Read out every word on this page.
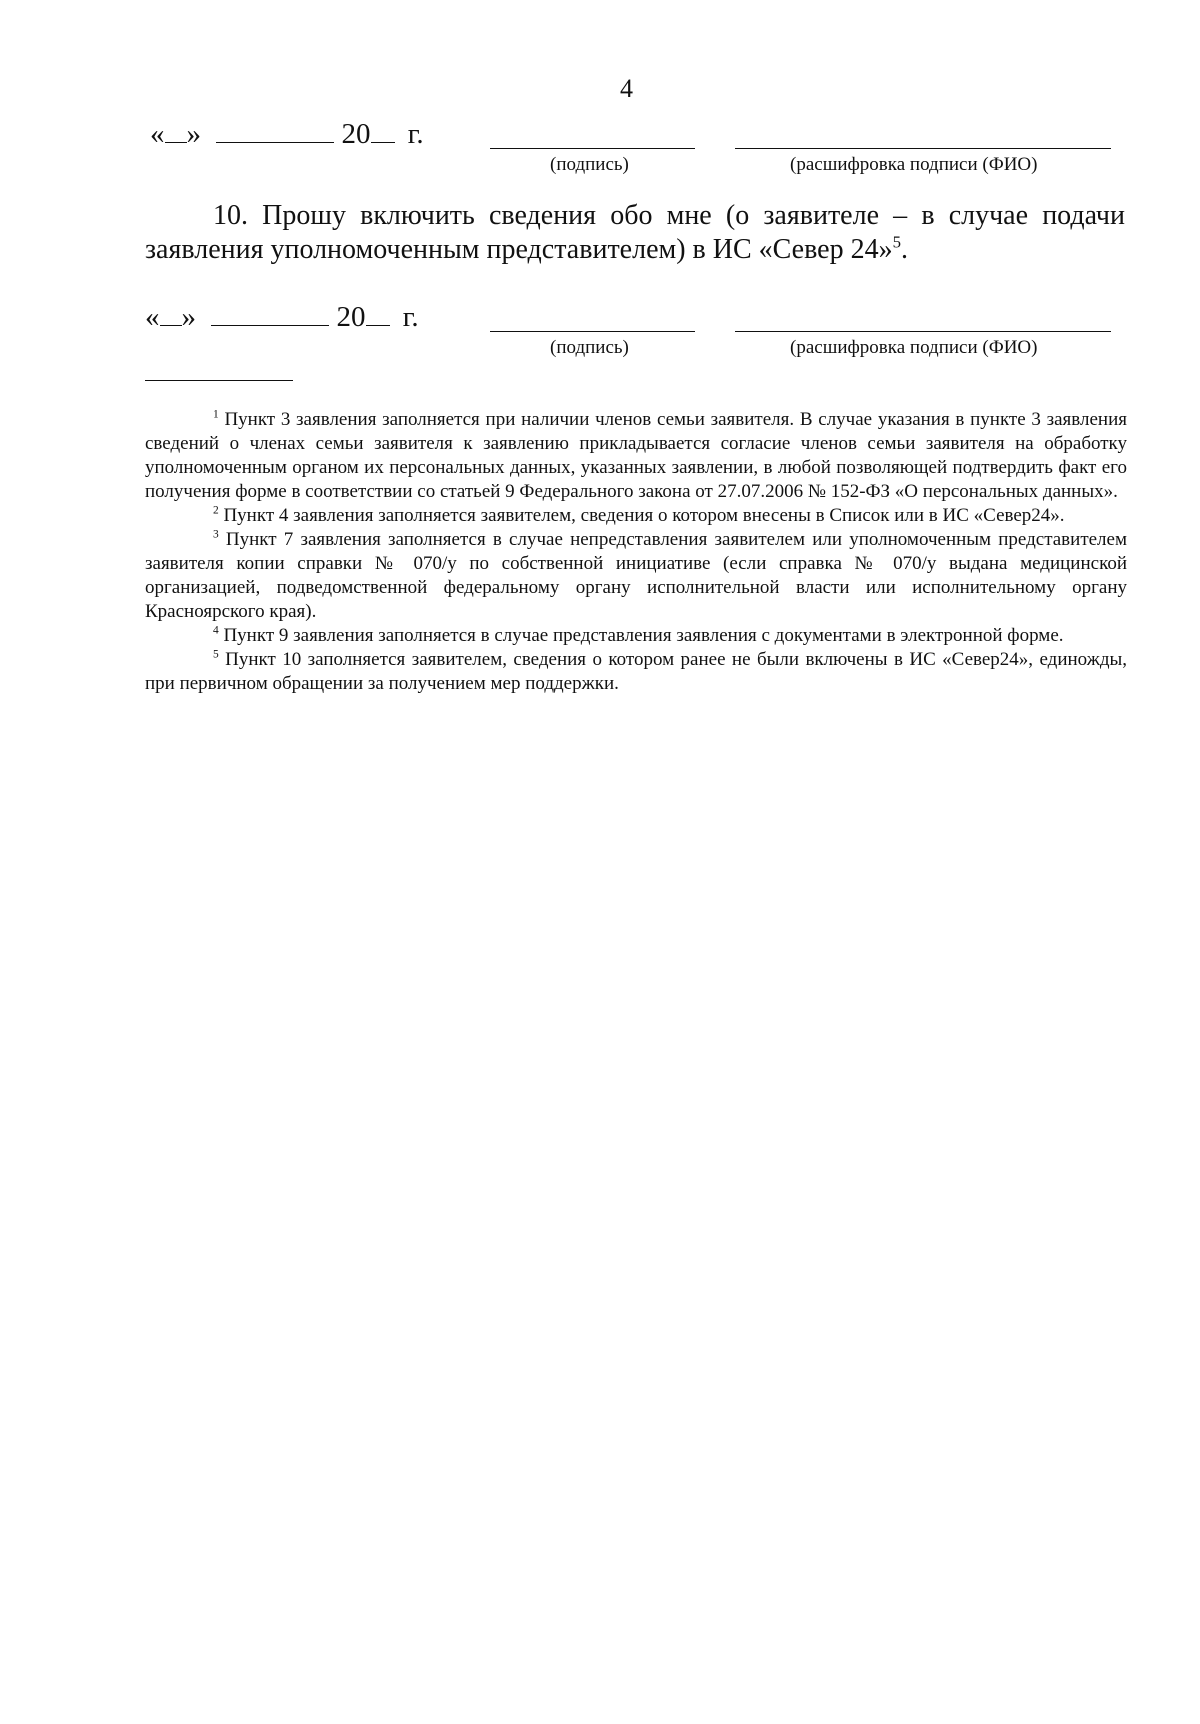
4
« »	20 г.
(подпись)	(расшифровка подписи (ФИО)
10. Прошу включить сведения обо мне (о заявителе – в случае подачи заявления уполномоченным представителем) в ИС «Север 24»$^5$.
« »	20 г.
(подпись)	(расшифровка подписи (ФИО)

$^1$ Пункт 3 заявления заполняется при наличии членов семьи заявителя. В случае указания в пункте 3 заявления сведений о членах семьи заявителя к заявлению прикладывается согласие членов семьи заявителя на обработку уполномоченным органом их персональных данных, указанных заявлении, в любой позволяющей подтвердить факт его получения форме в соответствии со статьей 9 Федерального закона от 27.07.2006 № 152-ФЗ «О персональных данных».

$^2$ Пункт 4 заявления заполняется заявителем, сведения о котором внесены в Список или в ИС «Север24».

$^3$ Пункт 7 заявления заполняется в случае непредставления заявителем или уполномоченным представителем заявителя копии справки № 070/у по собственной инициативе (если справка № 070/у выдана медицинской организацией, подведомственной федеральному органу исполнительной власти или исполнительному органу Красноярского края).

$^4$ Пункт 9 заявления заполняется в случае представления заявления с документами в электронной форме.

$^5$ Пункт 10 заполняется заявителем, сведения о котором ранее не были включены в ИС «Север24», единожды, при первичном обращении за получением мер поддержки.
